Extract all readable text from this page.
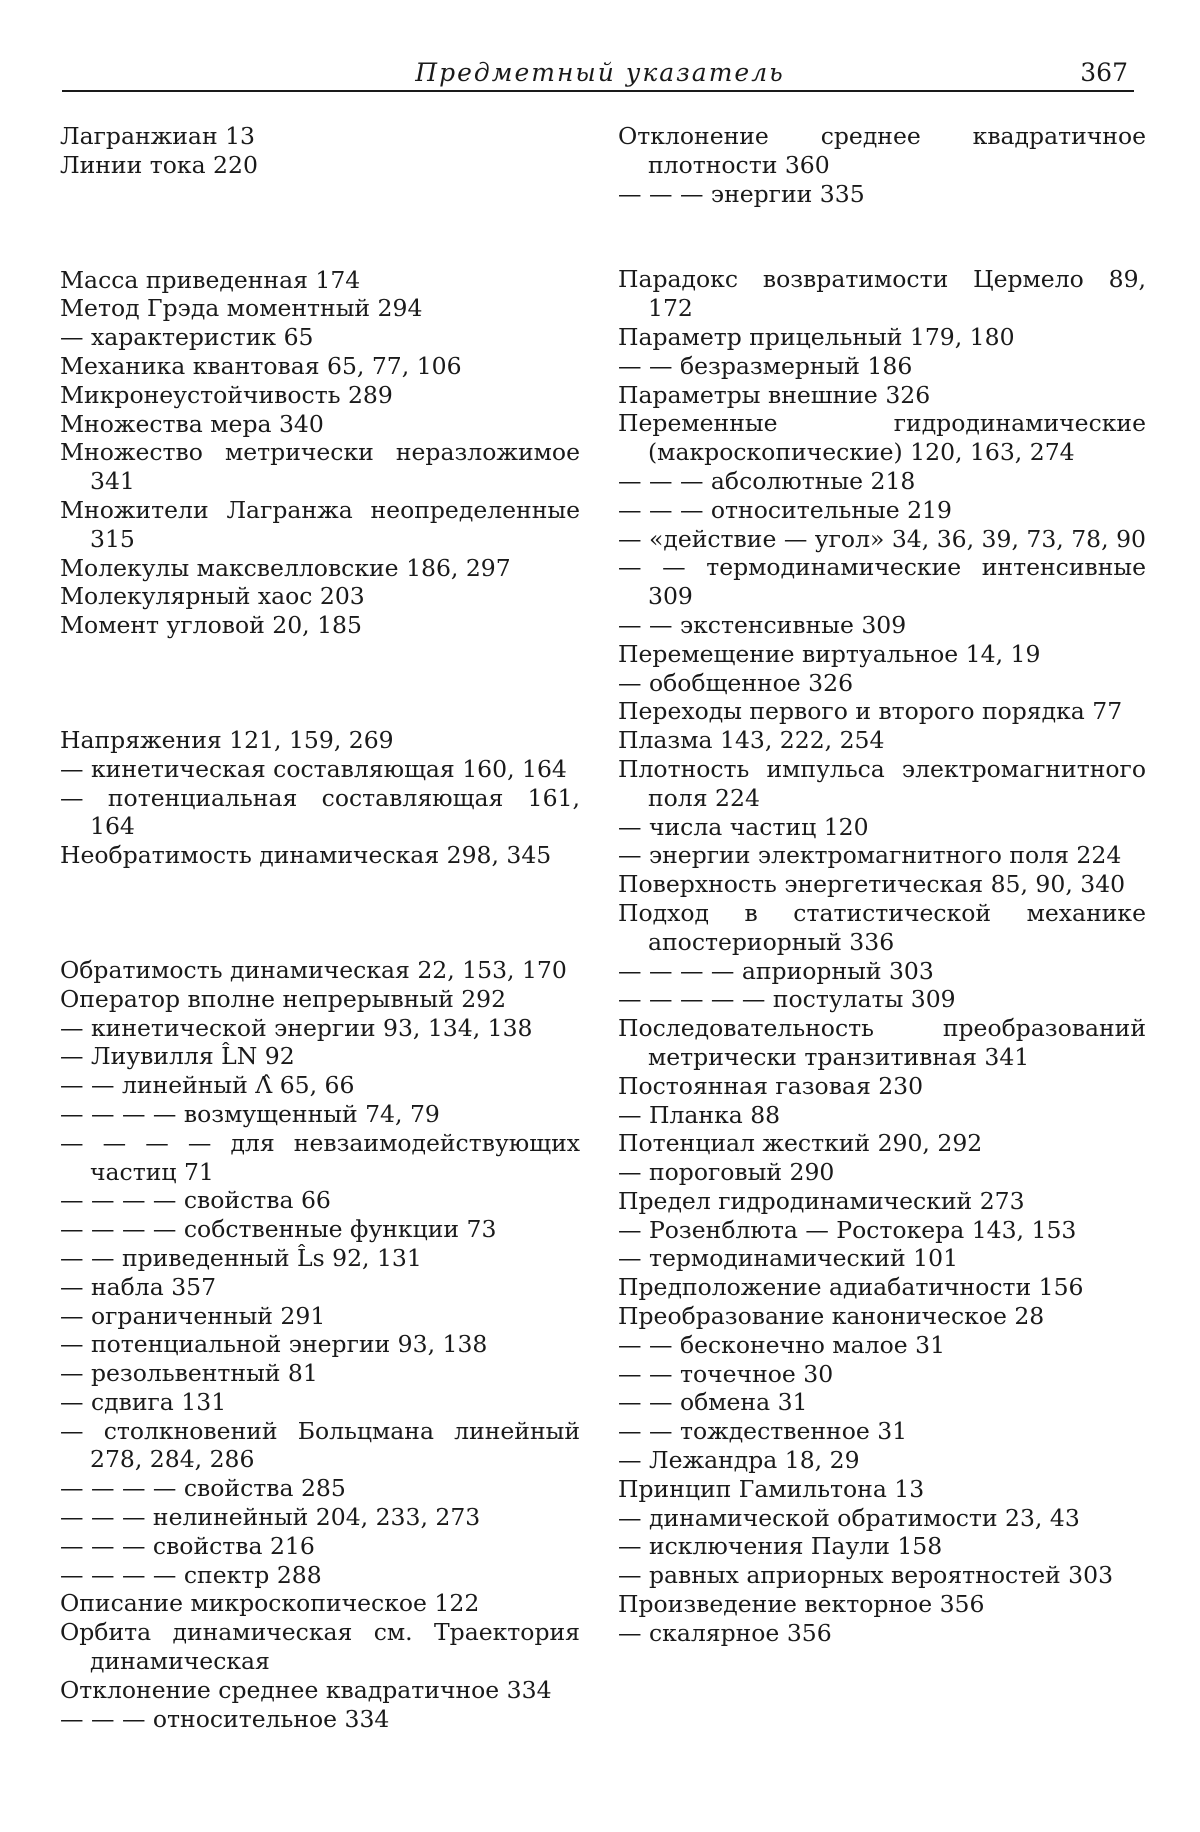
Предметный указатель	367
Лагранжиан 13
Линии тока 220
Масса приведенная 174
Метод Грэда моментный 294
— характеристик 65
Механика квантовая 65, 77, 106
Микронеустойчивость 289
Множества мера 340
Множество метрически неразложимое 341
Множители Лагранжа неопределенные 315
Молекулы максвелловские 186, 297
Молекулярный хаос 203
Момент угловой 20, 185
Напряжения 121, 159, 269
— кинетическая составляющая 160, 164
— потенциальная составляющая 161, 164
Необратимость динамическая 298, 345
Обратимость динамическая 22, 153, 170
Оператор вполне непрерывный 292
— кинетической энергии 93, 134, 138
— Лиувилля L̂N 92
— — линейный Λ̂ 65, 66
— — — — возмущенный 74, 79
— — — — для невзаимодействующих частиц 71
— — — — свойства 66
— — — — собственные функции 73
— — приведенный L̂s 92, 131
— набла 357
— ограниченный 291
— потенциальной энергии 93, 138
— резольвентный 81
— сдвига 131
— столкновений Больцмана линейный 278, 284, 286
— — — — свойства 285
— — — нелинейный 204, 233, 273
— — — свойства 216
— — — — спектр 288
Описание микроскопическое 122
Орбита динамическая см. Траектория динамическая
Отклонение среднее квадратичное 334
— — — относительное 334
Отклонение среднее квадратичное плотности 360
— — — энергии 335
Парадокс возвратимости Цермело 89, 172
Параметр прицельный 179, 180
— — безразмерный 186
Параметры внешние 326
Переменные гидродинамические (макроскопические) 120, 163, 274
— — — абсолютные 218
— — — относительные 219
— «действие — угол» 34, 36, 39, 73, 78, 90
— — термодинамические интенсивные 309
— — экстенсивные 309
Перемещение виртуальное 14, 19
— обобщенное 326
Переходы первого и второго порядка 77
Плазма 143, 222, 254
Плотность импульса электромагнитного поля 224
— числа частиц 120
— энергии электромагнитного поля 224
Поверхность энергетическая 85, 90, 340
Подход в статистической механике апостериорный 336
— — — — априорный 303
— — — — — постулаты 309
Последовательность преобразований метрически транзитивная 341
Постоянная газовая 230
— Планка 88
Потенциал жесткий 290, 292
— пороговый 290
Предел гидродинамический 273
— Розенблюта — Ростокера 143, 153
— термодинамический 101
Предположение адиабатичности 156
Преобразование каноническое 28
— — бесконечно малое 31
— — точечное 30
— — обмена 31
— — тождественное 31
— Лежандра 18, 29
Принцип Гамильтона 13
— динамической обратимости 23, 43
— исключения Паули 158
— равных априорных вероятностей 303
Произведение векторное 356
— скалярное 356
